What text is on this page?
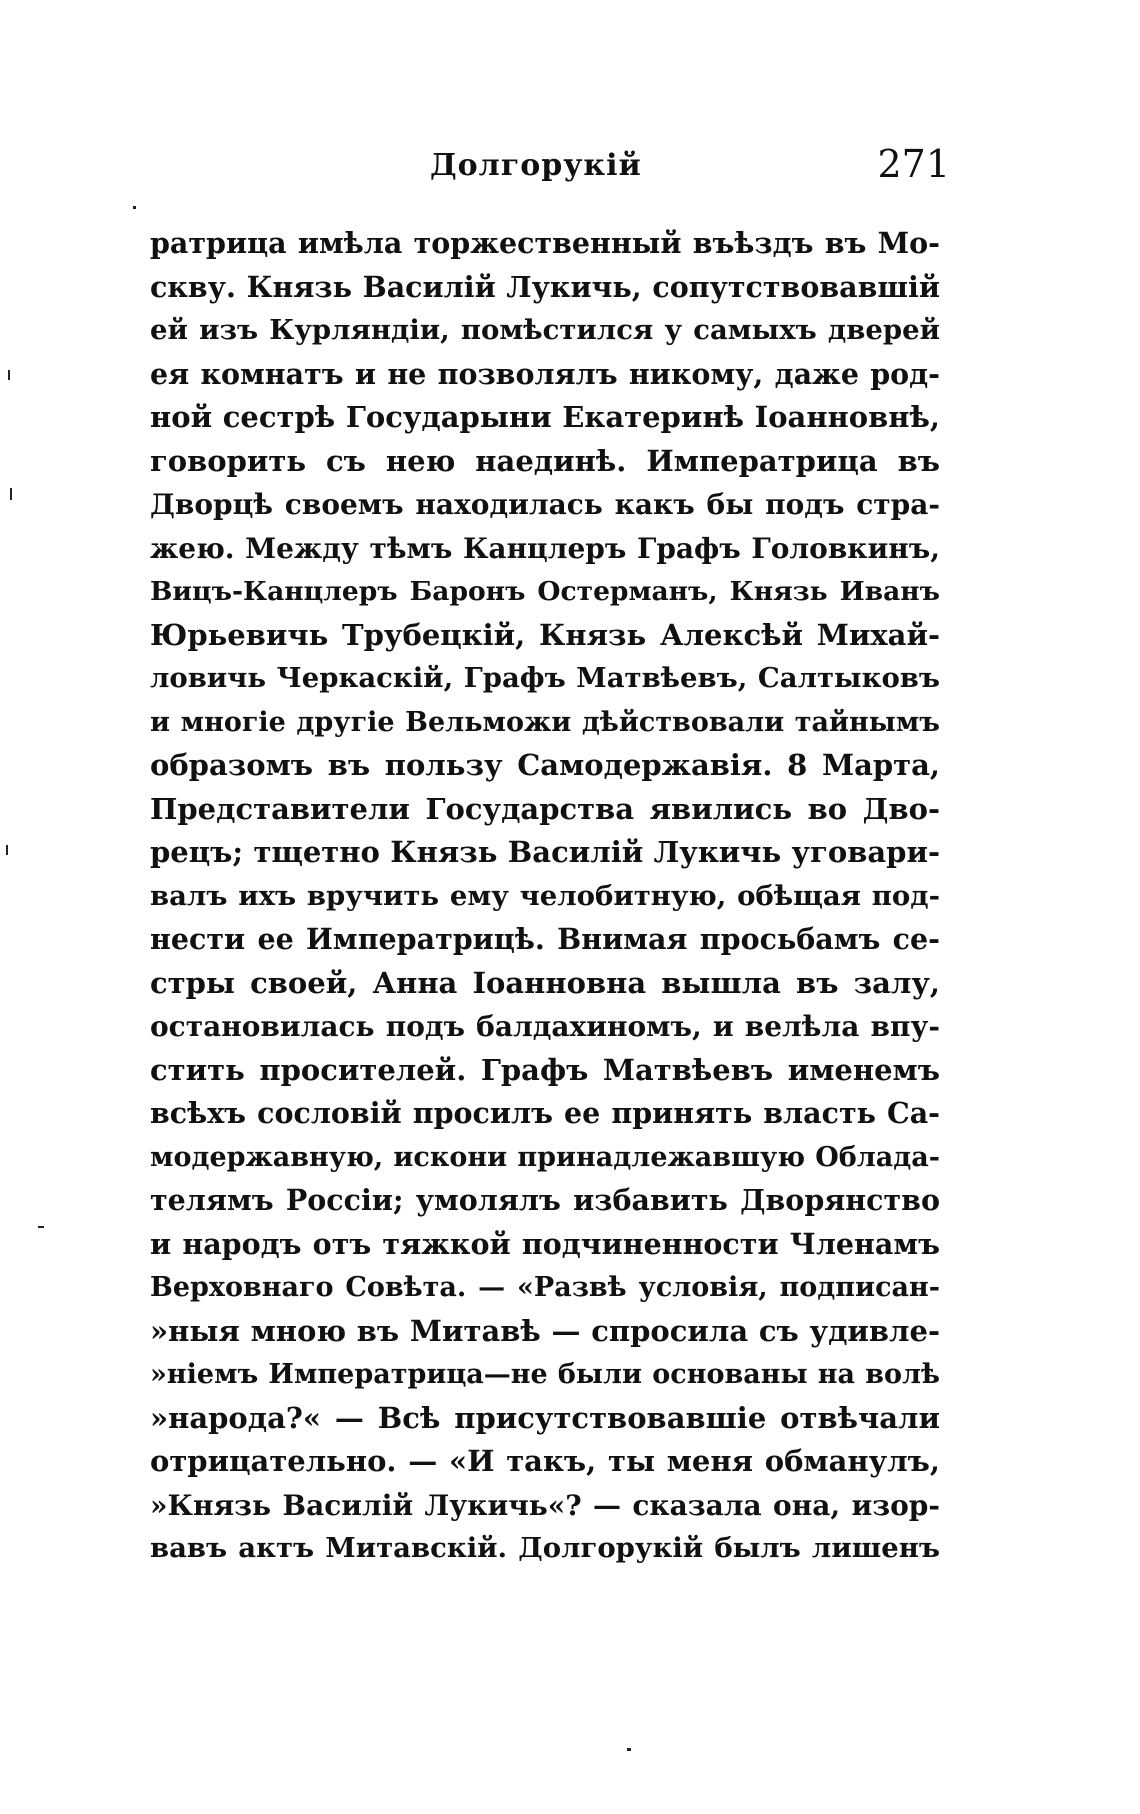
Долгорукій	271
ратрица имѣла торжественный въѣздъ въ Мо-
скву. Князь Василій Лукичь, сопутствовавшій
ей изъ Курляндіи, помѣстился у самыхъ дверей
ея комнатъ и не позволялъ никому, даже род-
ной сестрѣ Государыни Екатеринѣ Іоанновнѣ,
говорить съ нею наединѣ. Императрица въ
Дворцѣ своемъ находилась какъ бы подъ стра-
жею. Между тѣмъ Канцлеръ Графъ Головкинъ,
Вицъ-Канцлеръ Баронъ Остерманъ, Князь Иванъ
Юрьевичь Трубецкій, Князь Алексѣй Михай-
ловичь Черкаскій, Графъ Матвѣевъ, Салтыковъ
и многіе другіе Вельможи дѣйствовали тайнымъ
образомъ въ пользу Самодержавія. 8 Марта,
Представители Государства явились во Дво-
рецъ; тщетно Князь Василій Лукичь уговари-
валъ ихъ вручить ему челобитную, обѣщая под-
нести ее Императрицѣ. Внимая просьбамъ се-
стры своей, Анна Іоанновна вышла въ залу,
остановилась подъ балдахиномъ, и велѣла впу-
стить просителей. Графъ Матвѣевъ именемъ
всѣхъ сословій просилъ ее принять власть Са-
модержавную, искони принадлежавшую Облада-
телямъ Россіи; умолялъ избавить Дворянство
и народъ отъ тяжкой подчиненности Членамъ
Верховнаго Совѣта. — «Развѣ условія, подписан-
»ныя мною въ Митавѣ — спросила съ удивле-
»ніемъ Императрица—не были основаны на волѣ
»народа?« — Всѣ присутствовавшіе отвѣчали
отрицательно. — «И такъ, ты меня обманулъ,
»Князь Василій Лукичь«? — сказала она, изор-
вавъ актъ Митавскій. Долгорукій былъ лишенъ
